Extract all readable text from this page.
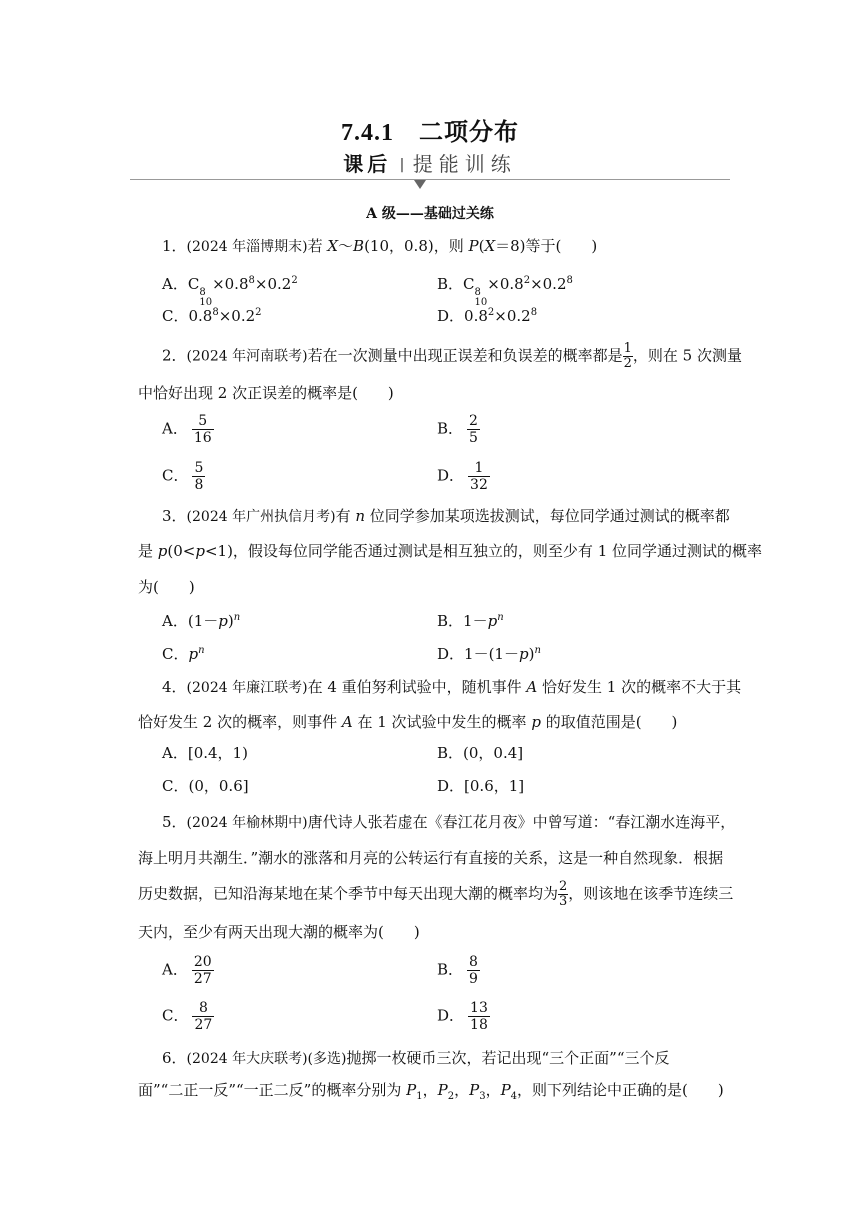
7.4.1　二项分布
课后 | 提能训练
A 级——基础过关练
1．(2024 年淄博期末)若 X～B(10，0.8)，则 P(X＝8)等于(　　)
A．C 8
10
$\times 0.8^8\times 0.2^2$	B．C 8
10
$\times 0.8^2\times 0.2^8$
C．$0.8^8\times 0.2^2$	D．$0.8^2\times 0.2^8$
2．(2024 年河南联考)若在一次测量中出现正误差和负误差的概率都是 $\frac{1}{2}$ ，则在 5 次测量
中恰好出现 2 次正误差的概率是(　　)
A． $\frac{5}{16}$	B． $\frac{2}{5}$
C． $\frac{5}{8}$	D． $\frac{1}{32}$
3．(2024 年广州执信月考)有 n 位同学参加某项选拔测试，每位同学通过测试的概率都
是 p(0<p<1)，假设每位同学能否通过测试是相互独立的，则至少有 1 位同学通过测试的概率
为(　　)
A．$(1-p)^n$	B．$1-p^n$
C．$p^n$	D．$1-(1-p)^n$
4．(2024 年廉江联考)在 4 重伯努利试验中，随机事件 A 恰好发生 1 次的概率不大于其
恰好发生 2 次的概率，则事件 A 在 1 次试验中发生的概率 p 的取值范围是(　　)
A．[0.4，1)	B．(0，0.4]
C．(0，0.6]	D．[0.6，1]
5．(2024 年榆林期中)唐代诗人张若虚在《春江花月夜》中曾写道：“春江潮水连海平，
海上明月共潮生．”潮水的涨落和月亮的公转运行有直接的关系，这是一种自然现象．根据
历史数据，已知沿海某地在某个季节中每天出现大潮的概率均为 $\frac{2}{3}$ ，则该地在该季节连续三
天内，至少有两天出现大潮的概率为(　　)
A． $\frac{20}{27}$	B． $\frac{8}{9}$
C． $\frac{8}{27}$	D． $\frac{13}{18}$
6．(2024 年大庆联考)(多选)抛掷一枚硬币三次，若记出现“三个正面”“三个反
面”“二正一反”“一正二反”的概率分别为 $P_1$，$P_2$，$P_3$，$P_4$，则下列结论中正确的是(　　)
